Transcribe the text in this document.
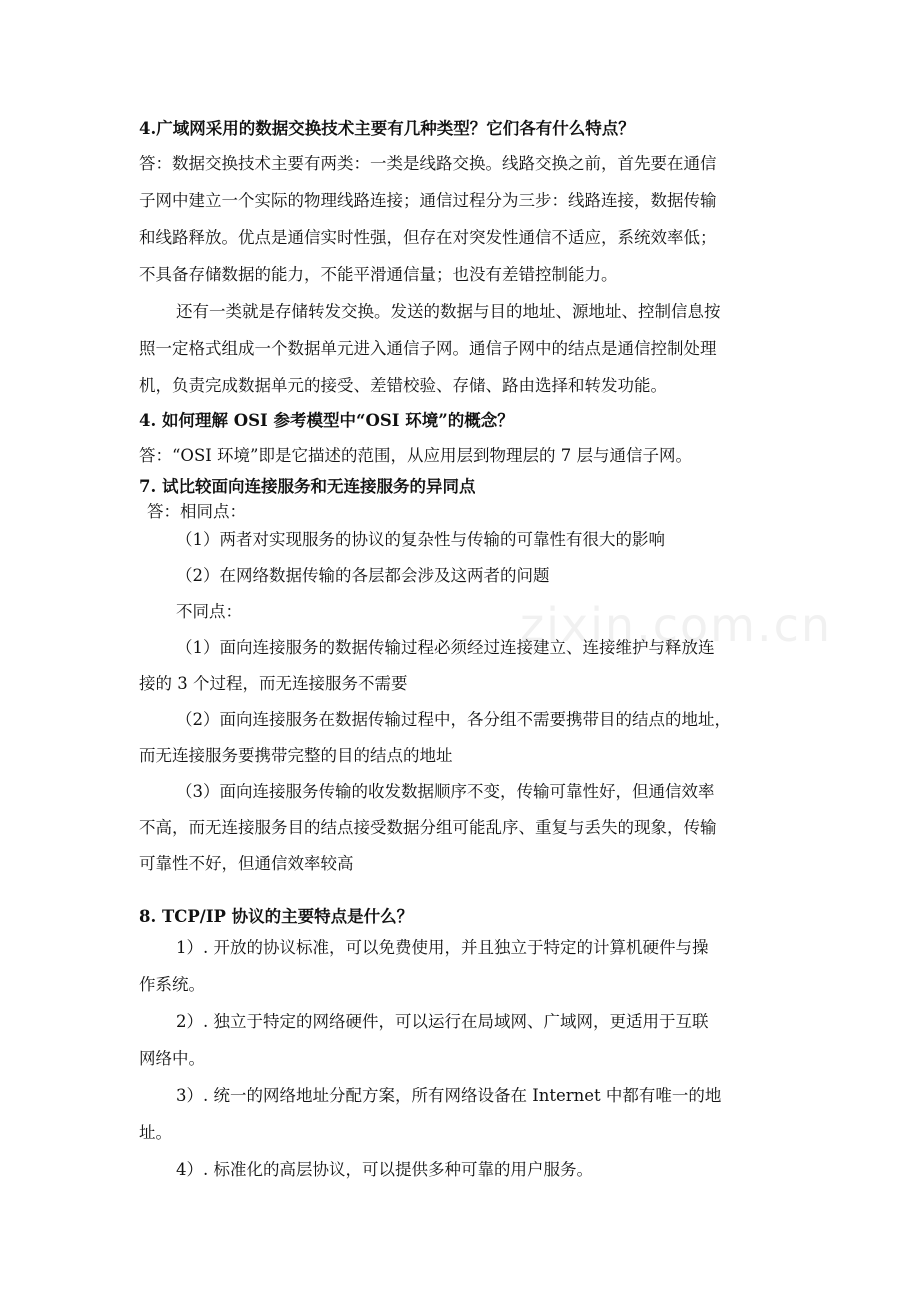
zixin.com.cn
4.广域网采用的数据交换技术主要有几种类型？它们各有什么特点？
答：数据交换技术主要有两类：一类是线路交换。线路交换之前，首先要在通信
子网中建立一个实际的物理线路连接；通信过程分为三步：线路连接，数据传输
和线路释放。优点是通信实时性强，但存在对突发性通信不适应，系统效率低；
不具备存储数据的能力，不能平滑通信量；也没有差错控制能力。
还有一类就是存储转发交换。发送的数据与目的地址、源地址、控制信息按
照一定格式组成一个数据单元进入通信子网。通信子网中的结点是通信控制处理
机，负责完成数据单元的接受、差错校验、存储、路由选择和转发功能。
4. 如何理解 OSI 参考模型中“OSI 环境”的概念？
答：“OSI 环境”即是它描述的范围，从应用层到物理层的 7 层与通信子网。
7. 试比较面向连接服务和无连接服务的异同点
答：相同点：
（1）两者对实现服务的协议的复杂性与传输的可靠性有很大的影响
（2）在网络数据传输的各层都会涉及这两者的问题
不同点：
（1）面向连接服务的数据传输过程必须经过连接建立、连接维护与释放连
接的 3 个过程，而无连接服务不需要
（2）面向连接服务在数据传输过程中，各分组不需要携带目的结点的地址，
而无连接服务要携带完整的目的结点的地址
（3）面向连接服务传输的收发数据顺序不变，传输可靠性好，但通信效率
不高，而无连接服务目的结点接受数据分组可能乱序、重复与丢失的现象，传输
可靠性不好，但通信效率较高
8. TCP/IP 协议的主要特点是什么？
1）. 开放的协议标准，可以免费使用，并且独立于特定的计算机硬件与操
作系统。
2）. 独立于特定的网络硬件，可以运行在局域网、广域网，更适用于互联
网络中。
3）. 统一的网络地址分配方案，所有网络设备在 Internet 中都有唯一的地
址。
4）. 标准化的高层协议，可以提供多种可靠的用户服务。
